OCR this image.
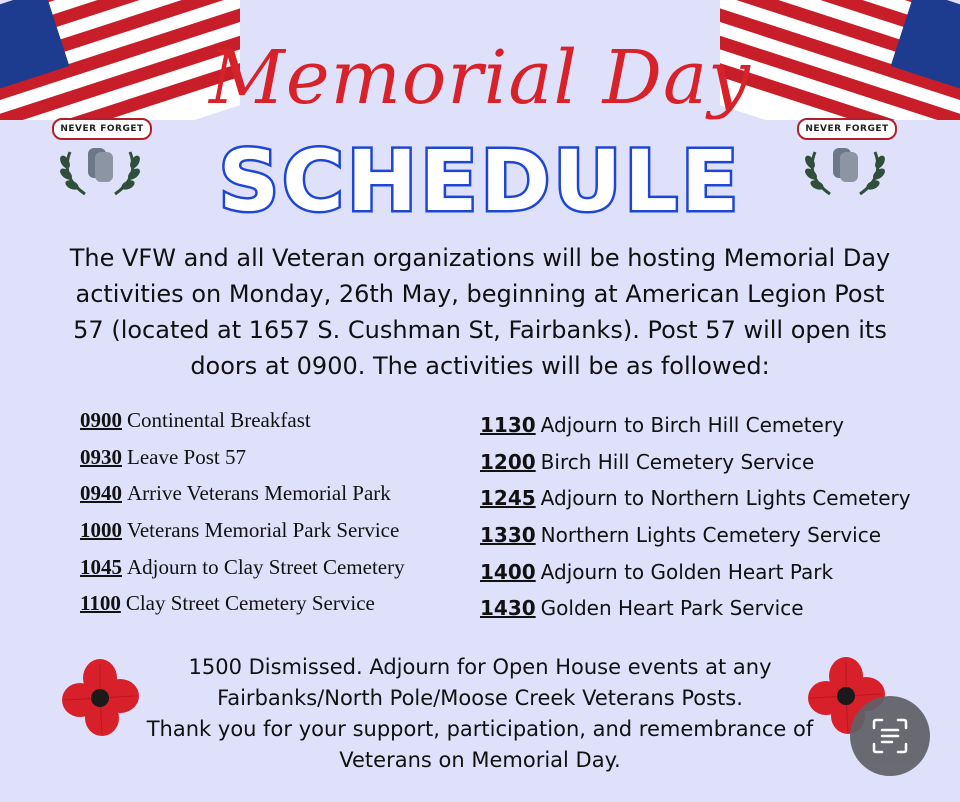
NEVER FORGET	NEVER FORGET
Memorial Day
SCHEDULE
The VFW and all Veteran organizations will be hosting Memorial Day activities on Monday, 26th May, beginning at American Legion Post 57 (located at 1657 S. Cushman St, Fairbanks). Post 57 will open its doors at 0900. The activities will be as followed:
0900 Continental Breakfast
0930 Leave Post 57
0940 Arrive Veterans Memorial Park
1000 Veterans Memorial Park Service
1045 Adjourn to Clay Street Cemetery
1100 Clay Street Cemetery Service
1130 Adjourn to Birch Hill Cemetery
1200 Birch Hill Cemetery Service
1245 Adjourn to Northern Lights Cemetery
1330 Northern Lights Cemetery Service
1400 Adjourn to Golden Heart Park
1430 Golden Heart Park Service
1500 Dismissed. Adjourn for Open House events at any
Fairbanks/North Pole/Moose Creek Veterans Posts.
Thank you for your support, participation, and remembrance of
Veterans on Memorial Day.
